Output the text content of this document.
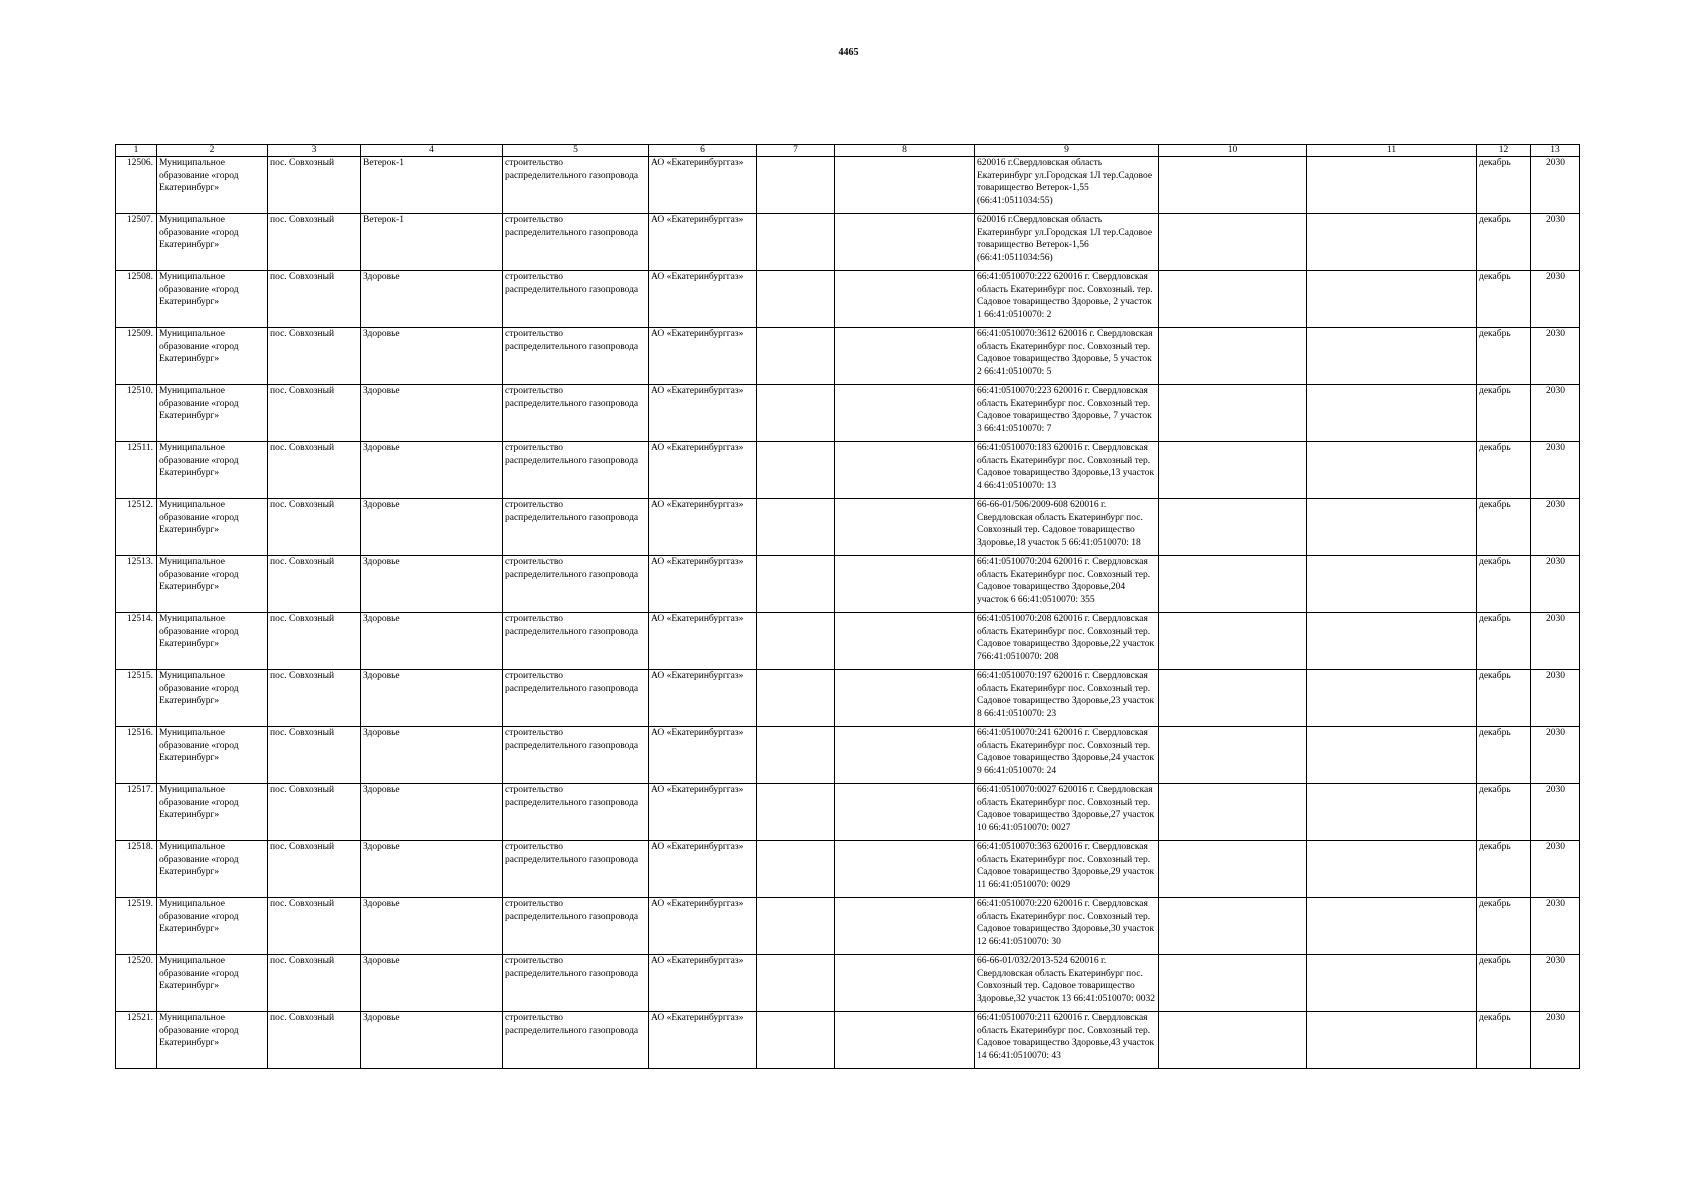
4465
1	2	3	4	5	6	7	8	9	10	11	12	13
12506.	Муниципальное образование «город Екатеринбург»	пос. Совхозный	Ветерок-1	строительство распределительного газопровода	АО «Екатеринбурггаз»			620016 г.Свердловская область Екатеринбург ул.Городская 1Л тер.Садовое товарищество Ветерок-1,55 (66:41:0511034:55)			декабрь	2030
12507.	Муниципальное образование «город Екатеринбург»	пос. Совхозный	Ветерок-1	строительство распределительного газопровода	АО «Екатеринбурггаз»			620016 г.Свердловская область Екатеринбург ул.Городская 1Л тер.Садовое товарищество Ветерок-1,56 (66:41:0511034:56)			декабрь	2030
12508.	Муниципальное образование «город Екатеринбург»	пос. Совхозный	Здоровье	строительство распределительного газопровода	АО «Екатеринбурггаз»			66:41:0510070:222 620016 г. Свердловская область Екатеринбург пос. Совхозный. тер. Садовое товарищество Здоровье, 2 участок 1 66:41:0510070: 2			декабрь	2030
12509.	Муниципальное образование «город Екатеринбург»	пос. Совхозный	Здоровье	строительство распределительного газопровода	АО «Екатеринбурггаз»			66:41:0510070:3612 620016 г. Свердловская область Екатеринбург пос. Совхозный тер. Садовое товарищество Здоровье, 5 участок 2 66:41:0510070: 5			декабрь	2030
12510.	Муниципальное образование «город Екатеринбург»	пос. Совхозный	Здоровье	строительство распределительного газопровода	АО «Екатеринбурггаз»			66:41:0510070:223 620016 г. Свердловская область Екатеринбург пос. Совхозный тер. Садовое товарищество Здоровье, 7 участок 3 66:41:0510070: 7			декабрь	2030
12511.	Муниципальное образование «город Екатеринбург»	пос. Совхозный	Здоровье	строительство распределительного газопровода	АО «Екатеринбурггаз»			66:41:0510070:183 620016 г. Свердловская область Екатеринбург пос. Совхозный тер. Садовое товарищество Здоровье,13 участок 4 66:41:0510070: 13			декабрь	2030
12512.	Муниципальное образование «город Екатеринбург»	пос. Совхозный	Здоровье	строительство распределительного газопровода	АО «Екатеринбурггаз»			66-66-01/506/2009-608 620016 г. Свердловская область Екатеринбург пос. Совхозный тер. Садовое товарищество Здоровье,18 участок 5 66:41:0510070: 18			декабрь	2030
12513.	Муниципальное образование «город Екатеринбург»	пос. Совхозный	Здоровье	строительство распределительного газопровода	АО «Екатеринбурггаз»			66:41:0510070:204 620016 г. Свердловская область Екатеринбург пос. Совхозный тер. Садовое товарищество Здоровье,204 участок 6 66:41:0510070: 355			декабрь	2030
12514.	Муниципальное образование «город Екатеринбург»	пос. Совхозный	Здоровье	строительство распределительного газопровода	АО «Екатеринбурггаз»			66:41:0510070:208 620016 г. Свердловская область Екатеринбург пос. Совхозный тер. Садовое товарищество Здоровье,22 участок 766:41:0510070: 208			декабрь	2030
12515.	Муниципальное образование «город Екатеринбург»	пос. Совхозный	Здоровье	строительство распределительного газопровода	АО «Екатеринбурггаз»			66:41:0510070:197 620016 г. Свердловская область Екатеринбург пос. Совхозный тер. Садовое товарищество Здоровье,23 участок 8 66:41:0510070: 23			декабрь	2030
12516.	Муниципальное образование «город Екатеринбург»	пос. Совхозный	Здоровье	строительство распределительного газопровода	АО «Екатеринбурггаз»			66:41:0510070:241 620016 г. Свердловская область Екатеринбург пос. Совхозный тер. Садовое товарищество Здоровье,24 участок 9 66:41:0510070: 24			декабрь	2030
12517.	Муниципальное образование «город Екатеринбург»	пос. Совхозный	Здоровье	строительство распределительного газопровода	АО «Екатеринбурггаз»			66:41:0510070:0027 620016 г. Свердловская область Екатеринбург пос. Совхозный тер. Садовое товарищество Здоровье,27 участок 10 66:41:0510070: 0027			декабрь	2030
12518.	Муниципальное образование «город Екатеринбург»	пос. Совхозный	Здоровье	строительство распределительного газопровода	АО «Екатеринбурггаз»			66:41:0510070:363 620016 г. Свердловская область Екатеринбург пос. Совхозный тер. Садовое товарищество Здоровье,29 участок 11 66:41:0510070: 0029			декабрь	2030
12519.	Муниципальное образование «город Екатеринбург»	пос. Совхозный	Здоровье	строительство распределительного газопровода	АО «Екатеринбурггаз»			66:41:0510070:220 620016 г. Свердловская область Екатеринбург пос. Совхозный тер. Садовое товарищество Здоровье,30 участок 12 66:41:0510070: 30			декабрь	2030
12520.	Муниципальное образование «город Екатеринбург»	пос. Совхозный	Здоровье	строительство распределительного газопровода	АО «Екатеринбурггаз»			66-66-01/032/2013-524 620016 г. Свердловская область Екатеринбург пос. Совхозный тер. Садовое товарищество Здоровье,32 участок 13 66:41:0510070: 0032			декабрь	2030
12521.	Муниципальное образование «город Екатеринбург»	пос. Совхозный	Здоровье	строительство распределительного газопровода	АО «Екатеринбурггаз»			66:41:0510070:211 620016 г. Свердловская область Екатеринбург пос. Совхозный тер. Садовое товарищество Здоровье,43 участок 14 66:41:0510070: 43			декабрь	2030
